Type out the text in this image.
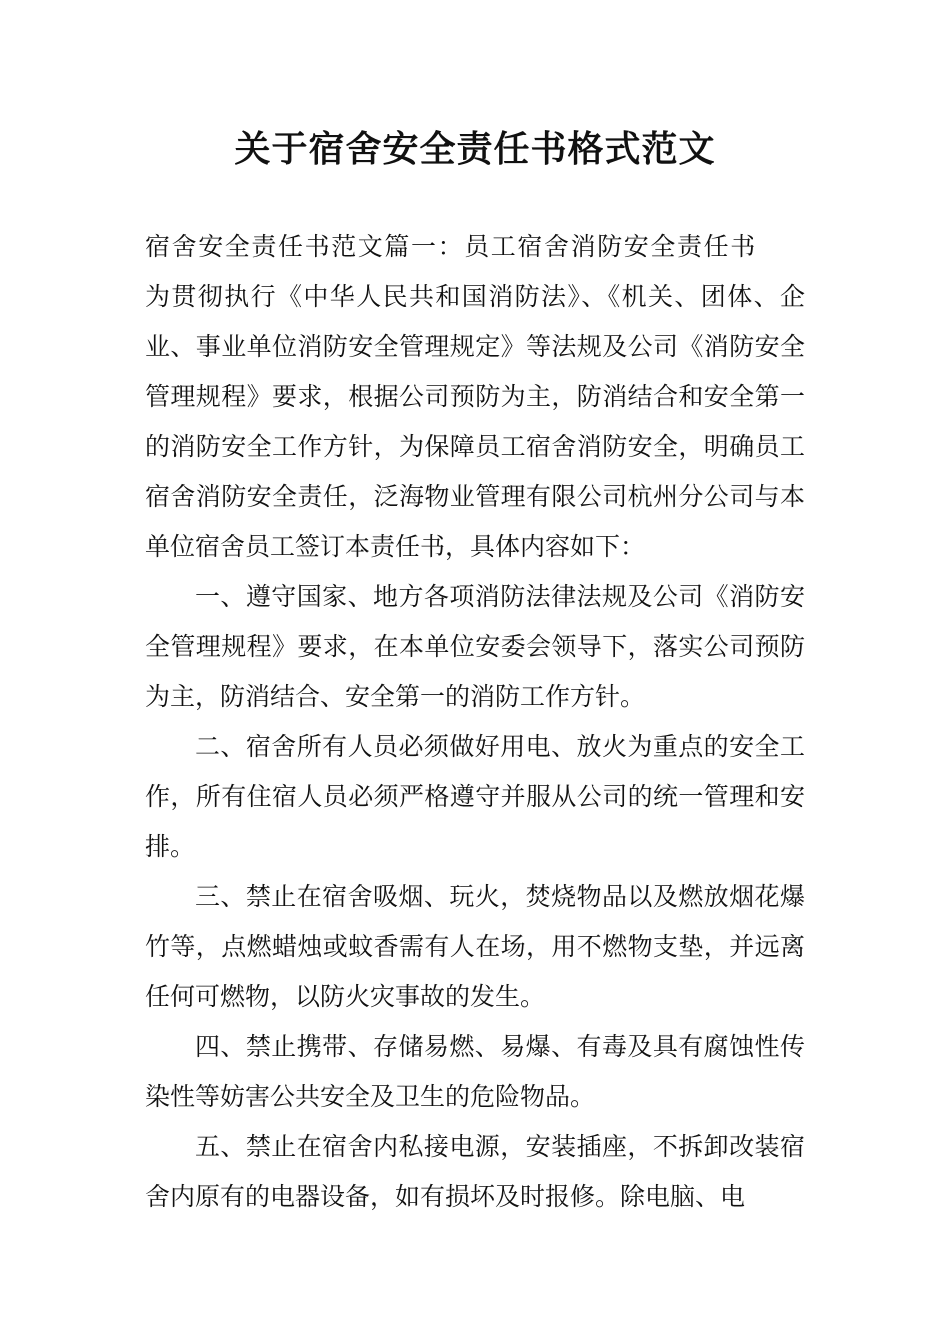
关于宿舍安全责任书格式范文

宿舍安全责任书范文篇一：员工宿舍消防安全责任书

为贯彻执行《中华人民共和国消防法》、《机关、团体、企业、事业单位消防安全管理规定》等法规及公司《消防安全管理规程》要求，根据公司预防为主，防消结合和安全第一的消防安全工作方针，为保障员工宿舍消防安全，明确员工宿舍消防安全责任，泛海物业管理有限公司杭州分公司与本单位宿舍员工签订本责任书，具体内容如下：

一、遵守国家、地方各项消防法律法规及公司《消防安全管理规程》要求，在本单位安委会领导下，落实公司预防为主，防消结合、安全第一的消防工作方针。

二、宿舍所有人员必须做好用电、放火为重点的安全工作，所有住宿人员必须严格遵守并服从公司的统一管理和安排。

三、禁止在宿舍吸烟、玩火，焚烧物品以及燃放烟花爆竹等，点燃蜡烛或蚊香需有人在场，用不燃物支垫，并远离任何可燃物，以防火灾事故的发生。

四、禁止携带、存储易燃、易爆、有毒及具有腐蚀性传染性等妨害公共安全及卫生的危险物品。

五、禁止在宿舍内私接电源，安装插座，不拆卸改装宿舍内原有的电器设备，如有损坏及时报修。除电脑、电
